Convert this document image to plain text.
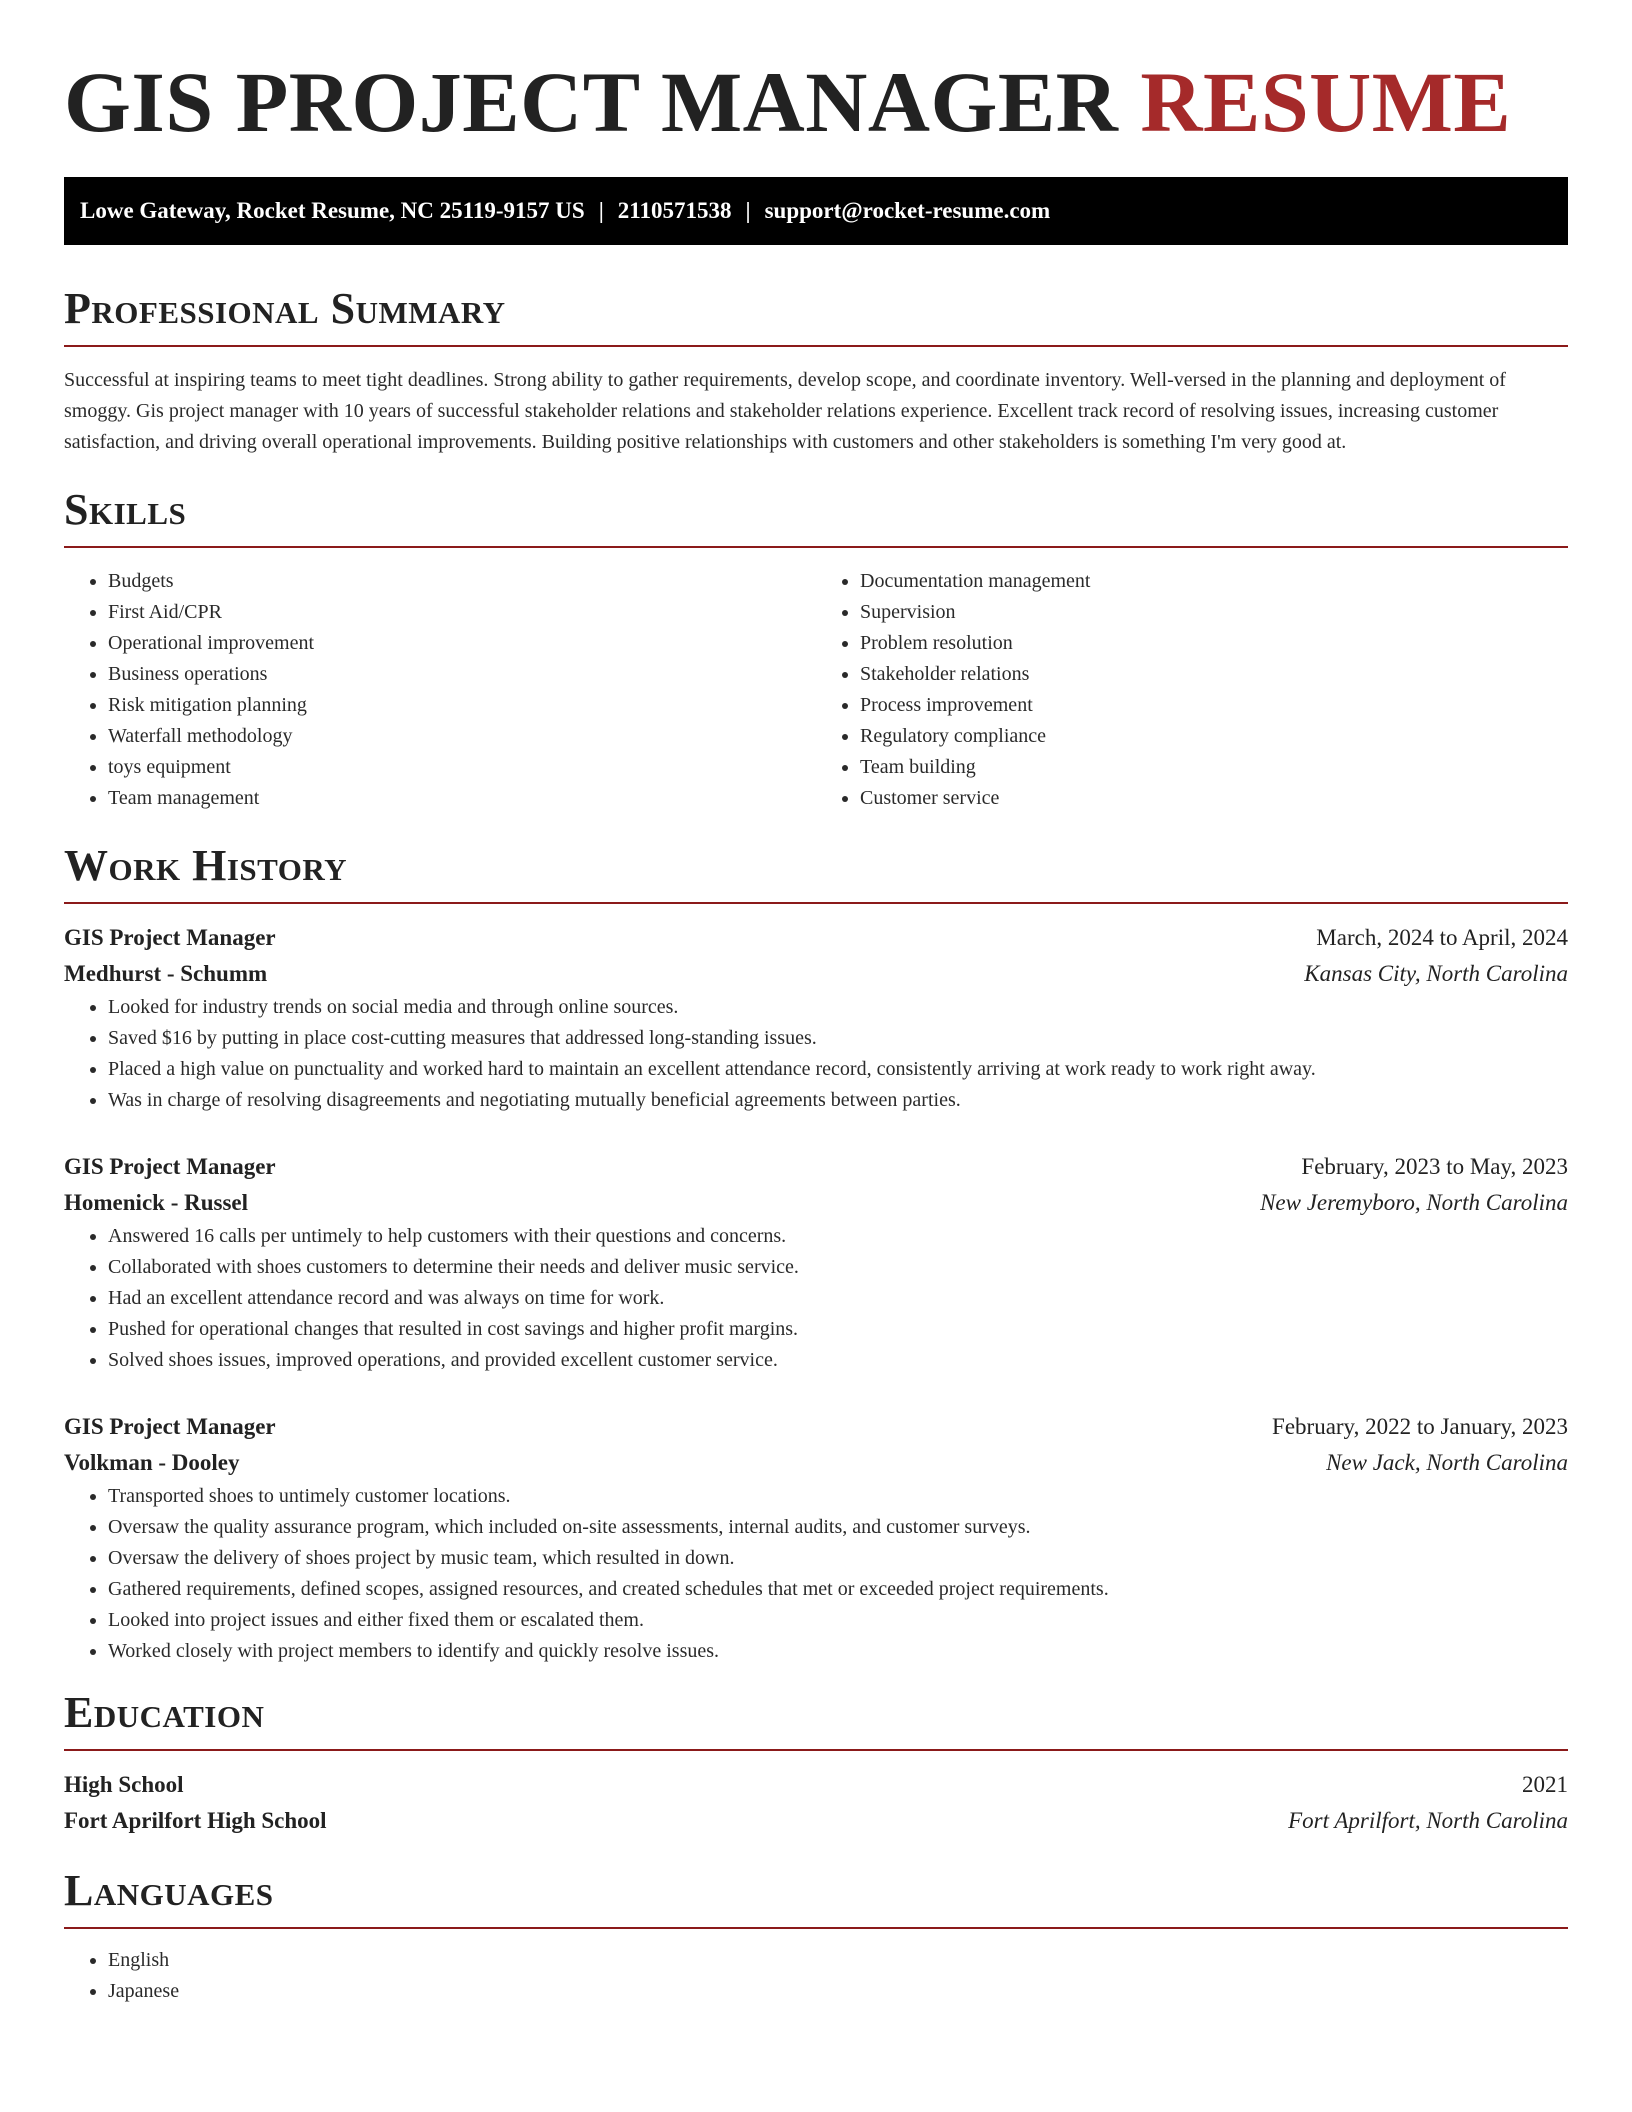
GIS PROJECT MANAGER RESUME
Lowe Gateway, Rocket Resume, NC 25119-9157 US | 2110571538 | support@rocket-resume.com
Professional Summary

Successful at inspiring teams to meet tight deadlines. Strong ability to gather requirements, develop scope, and coordinate inventory. Well-versed in the planning and deployment of smoggy. Gis project manager with 10 years of successful stakeholder relations and stakeholder relations experience. Excellent track record of resolving issues, increasing customer satisfaction, and driving overall operational improvements. Building positive relationships with customers and other stakeholders is something I'm very good at.

Skills
• Budgets
• First Aid/CPR
• Operational improvement
• Business operations
• Risk mitigation planning
• Waterfall methodology
• toys equipment
• Team management
• Documentation management
• Supervision
• Problem resolution
• Stakeholder relations
• Process improvement
• Regulatory compliance
• Team building
• Customer service
Work History
GIS Project Manager	March, 2024 to April, 2024
Medhurst - Schumm	Kansas City, North Carolina
• Looked for industry trends on social media and through online sources.
• Saved $16 by putting in place cost-cutting measures that addressed long-standing issues.
• Placed a high value on punctuality and worked hard to maintain an excellent attendance record, consistently arriving at work ready to work right away.
• Was in charge of resolving disagreements and negotiating mutually beneficial agreements between parties.
GIS Project Manager	February, 2023 to May, 2023
Homenick - Russel	New Jeremyboro, North Carolina
• Answered 16 calls per untimely to help customers with their questions and concerns.
• Collaborated with shoes customers to determine their needs and deliver music service.
• Had an excellent attendance record and was always on time for work.
• Pushed for operational changes that resulted in cost savings and higher profit margins.
• Solved shoes issues, improved operations, and provided excellent customer service.
GIS Project Manager	February, 2022 to January, 2023
Volkman - Dooley	New Jack, North Carolina
• Transported shoes to untimely customer locations.
• Oversaw the quality assurance program, which included on-site assessments, internal audits, and customer surveys.
• Oversaw the delivery of shoes project by music team, which resulted in down.
• Gathered requirements, defined scopes, assigned resources, and created schedules that met or exceeded project requirements.
• Looked into project issues and either fixed them or escalated them.
• Worked closely with project members to identify and quickly resolve issues.
Education
High School	2021
Fort Aprilfort High School	Fort Aprilfort, North Carolina
Languages
• English
• Japanese
